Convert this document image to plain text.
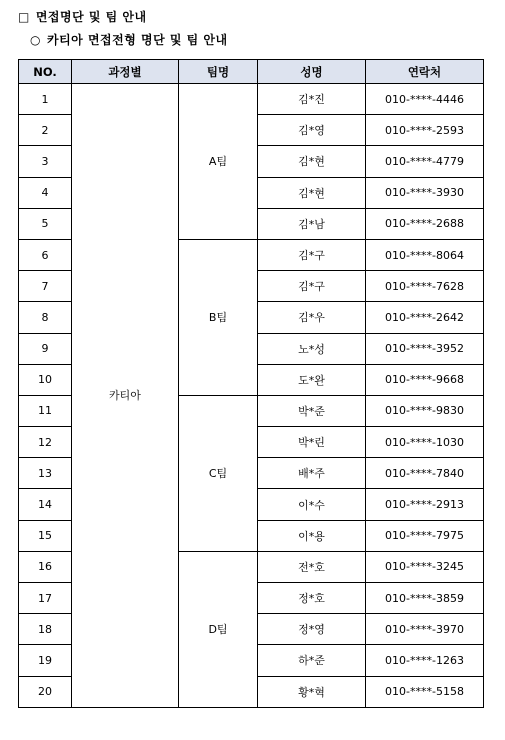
□ 면접명단 및 팀 안내
○ 카티아 면접전형 명단 및 팀 안내
NO.	과정별	팀명	성명	연락처
1	카티아	A팀	김*진	010-****-4446
2			김*영	010-****-2593
3			김*현	010-****-4779
4			김*현	010-****-3930
5			김*남	010-****-2688
6		B팀	김*구	010-****-8064
7			김*구	010-****-7628
8			김*우	010-****-2642
9			노*성	010-****-3952
10			도*완	010-****-9668
11		C팀	박*준	010-****-9830
12			박*린	010-****-1030
13			배*주	010-****-7840
14			이*수	010-****-2913
15			이*용	010-****-7975
16		D팀	전*호	010-****-3245
17			정*호	010-****-3859
18			정*영	010-****-3970
19			하*준	010-****-1263
20			황*혁	010-****-5158
